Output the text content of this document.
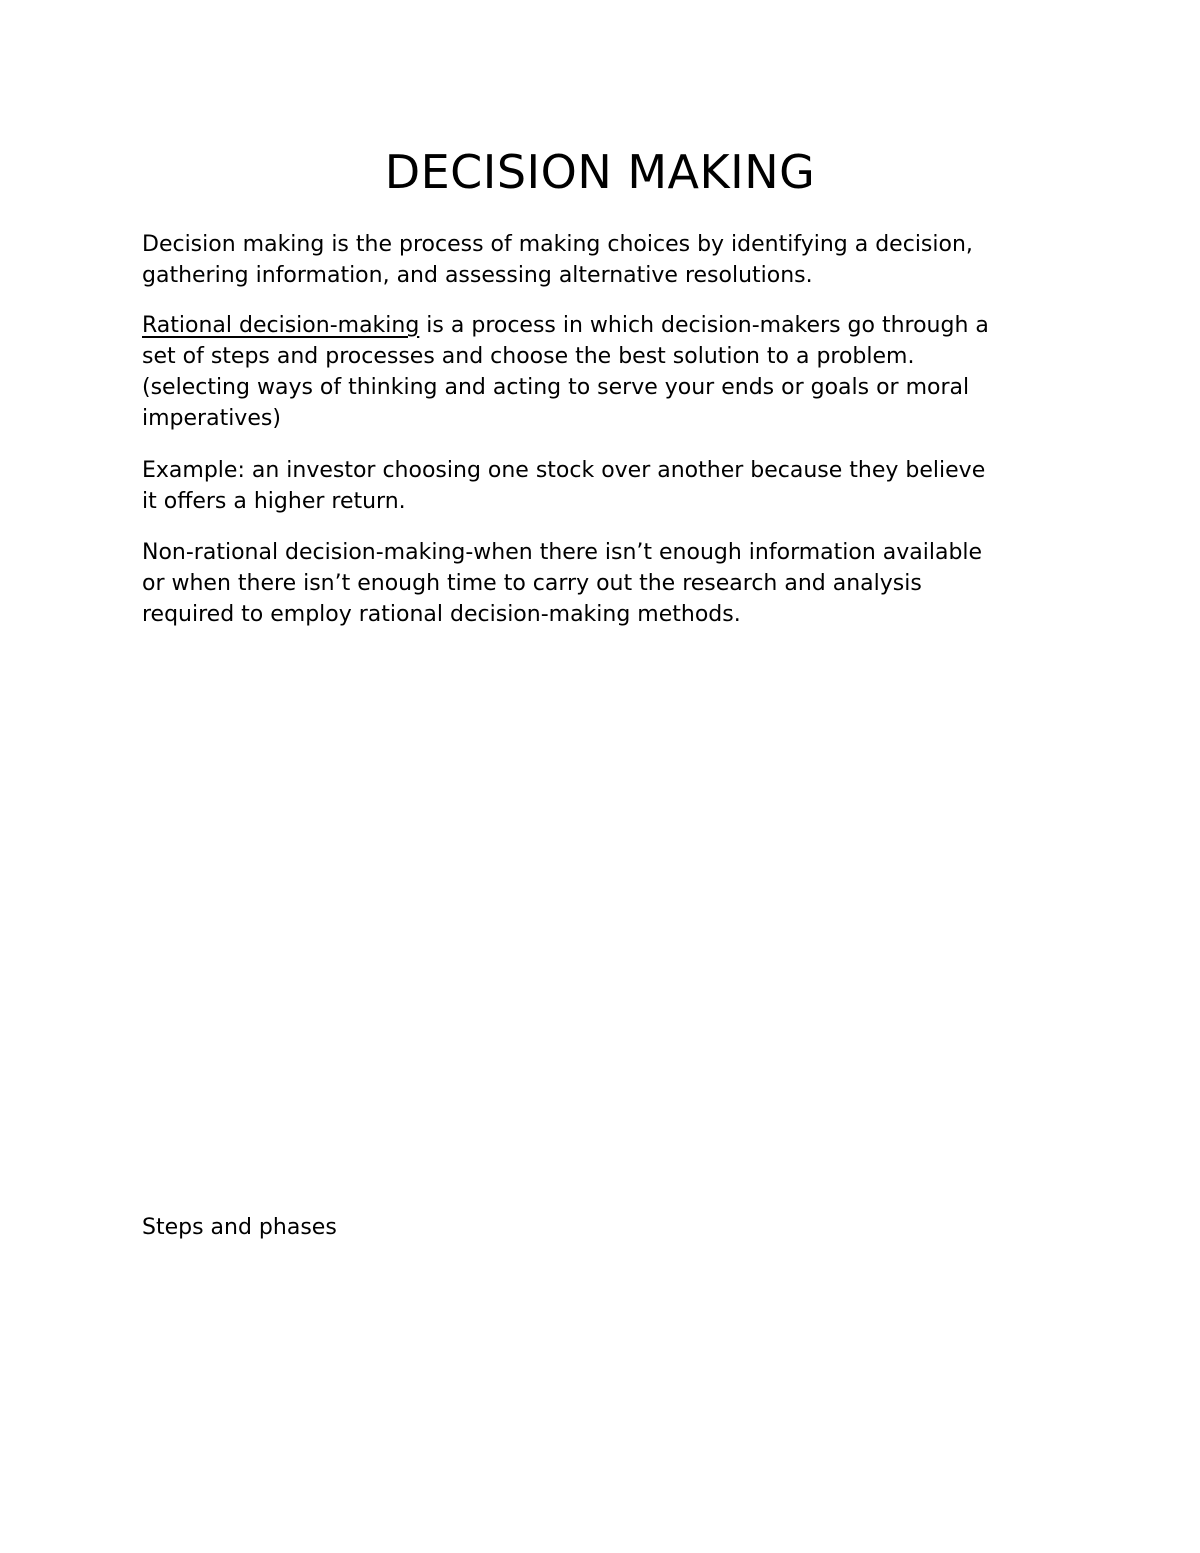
DECISION MAKING

Decision making is the process of making choices by identifying a decision,
gathering information, and assessing alternative resolutions.

Rational decision-making is a process in which decision-makers go through a
set of steps and processes and choose the best solution to a problem.
(selecting ways of thinking and acting to serve your ends or goals or moral
imperatives)

Example: an investor choosing one stock over another because they believe
it offers a higher return.

Non-rational decision-making-when there isn’t enough information available
or when there isn’t enough time to carry out the research and analysis
required to employ rational decision-making methods.

Steps and phases
